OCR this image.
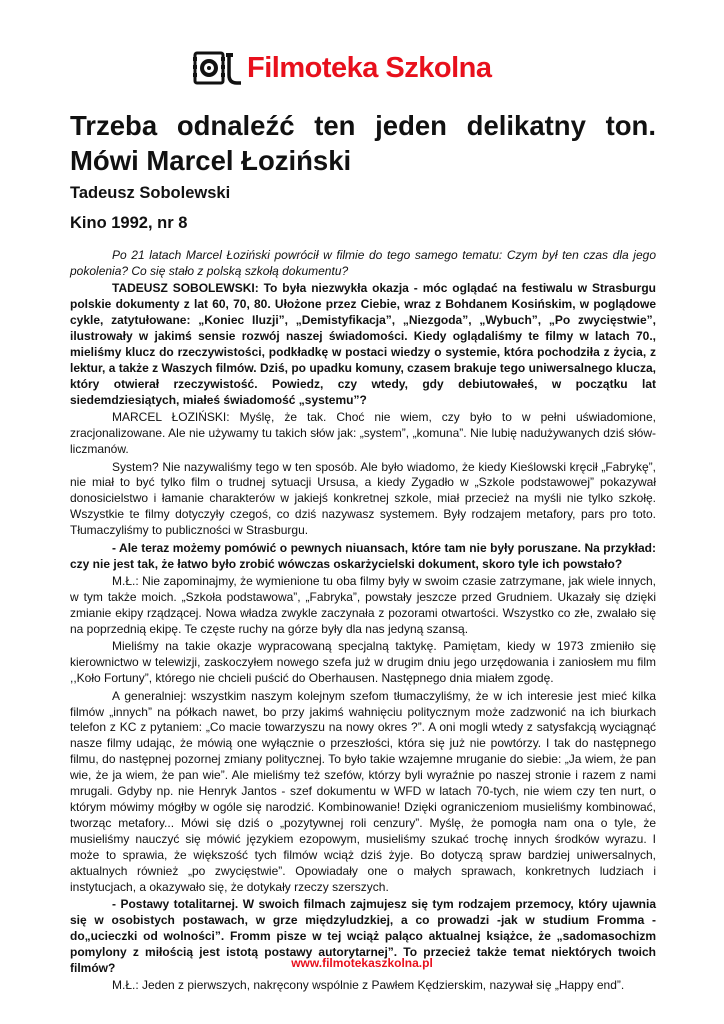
Filmoteka Szkolna
Trzeba odnaleźć ten jeden delikatny ton. Mówi Marcel Łoziński

Tadeusz Sobolewski

Kino 1992, nr 8

Po 21 latach Marcel Łoziński powrócił w filmie do tego samego tematu: Czym był ten czas dla jego pokolenia? Co się stało z polską szkołą dokumentu?

TADEUSZ SOBOLEWSKI: To była niezwykła okazja - móc oglądać na festiwalu w Strasburgu polskie dokumenty z lat 60, 70, 80. Ułożone przez Ciebie, wraz z Bohdanem Kosińskim, w poglądowe cykle, zatytułowane: „Koniec Iluzji”, „Demistyfikacja”, „Niezgoda”, „Wybuch”, „Po zwycięstwie”, ilustrowały w jakimś sensie rozwój naszej świadomości. Kiedy oglądaliśmy te filmy w latach 70., mieliśmy klucz do rzeczywistości, podkładkę w postaci wiedzy o systemie, która pochodziła z życia, z lektur, a także z Waszych filmów. Dziś, po upadku komuny, czasem brakuje tego uniwersalnego klucza, który otwierał rzeczywistość. Powiedz, czy wtedy, gdy debiutowałeś, w początku lat siedemdziesiątych, miałeś świadomość „systemu”?

MARCEL ŁOZIŃSKI: Myślę, że tak. Choć nie wiem, czy było to w pełni uświadomione, zracjonalizowane. Ale nie używamy tu takich słów jak: „system”, „komuna”. Nie lubię nadużywanych dziś słów-liczmanów.

System? Nie nazywaliśmy tego w ten sposób. Ale było wiadomo, że kiedy Kieślowski kręcił „Fabrykę”, nie miał to być tylko film o trudnej sytuacji Ursusa, a kiedy Zygadło w „Szkole podstawowej” pokazywał donosicielstwo i łamanie charakterów w jakiejś konkretnej szkole, miał przecież na myśli nie tylko szkołę. Wszystkie te filmy dotyczyły czegoś, co dziś nazywasz systemem. Były rodzajem metafory, pars pro toto. Tłumaczyliśmy to publiczności w Strasburgu.

- Ale teraz możemy pomówić o pewnych niuansach, które tam nie były poruszane. Na przykład: czy nie jest tak, że łatwo było zrobić wówczas oskarżycielski dokument, skoro tyle ich powstało?

M.Ł.: Nie zapominajmy, że wymienione tu oba filmy były w swoim czasie zatrzymane, jak wiele innych, w tym także moich. „Szkoła podstawowa”, „Fabryka”, powstały jeszcze przed Grudniem. Ukazały się dzięki zmianie ekipy rządzącej. Nowa władza zwykle zaczynała z pozorami otwartości. Wszystko co złe, zwalało się na poprzednią ekipę. Te częste ruchy na górze były dla nas jedyną szansą.

Mieliśmy na takie okazje wypracowaną specjalną taktykę. Pamiętam, kiedy w 1973 zmieniło się kierownictwo w telewizji, zaskoczyłem nowego szefa już w drugim dniu jego urzędowania i zaniosłem mu film ,,Koło Fortuny”, którego nie chcieli puścić do Oberhausen. Następnego dnia miałem zgodę.

A generalniej: wszystkim naszym kolejnym szefom tłumaczyliśmy, że w ich interesie jest mieć kilka filmów „innych” na półkach nawet, bo przy jakimś wahnięciu politycznym może zadzwonić na ich biurkach telefon z KC z pytaniem: „Co macie towarzyszu na nowy okres ?”. A oni mogli wtedy z satysfakcją wyciągnąć nasze filmy udając, że mówią one wyłącznie o przeszłości, która się już nie powtórzy. I tak do następnego filmu, do następnej pozornej zmiany politycznej. To było takie wzajemne mruganie do siebie: „Ja wiem, że pan wie, że ja wiem, że pan wie”. Ale mieliśmy też szefów, którzy byli wyraźnie po naszej stronie i razem z nami mrugali. Gdyby np. nie Henryk Jantos - szef dokumentu w WFD w latach 70-tych, nie wiem czy ten nurt, o którym mówimy mógłby w ogóle się narodzić. Kombinowanie! Dzięki ograniczeniom musieliśmy kombinować, tworząc metafory... Mówi się dziś o „pozytywnej roli cenzury”. Myślę, że pomogła nam ona o tyle, że musieliśmy nauczyć się mówić językiem ezopowym, musieliśmy szukać trochę innych środków wyrazu. I może to sprawia, że większość tych filmów wciąż dziś żyje. Bo dotyczą spraw bardziej uniwersalnych, aktualnych również „po zwycięstwie”. Opowiadały one o małych sprawach, konkretnych ludziach i instytucjach, a okazywało się, że dotykały rzeczy szerszych.

- Postawy totalitarnej. W swoich filmach zajmujesz się tym rodzajem przemocy, który ujawnia się w osobistych postawach, w grze międzyludzkiej, a co prowadzi -jak w studium Fromma -do„ucieczki od wolności”. Fromm pisze w tej wciąż paląco aktualnej książce, że „sadomasochizm pomylony z miłością jest istotą postawy autorytarnej”. To przecież także temat niektórych twoich filmów?

M.Ł.: Jeden z pierwszych, nakręcony wspólnie z Pawłem Kędzierskim, nazywał się „Happy end”.

www.filmotekaszkolna.pl
